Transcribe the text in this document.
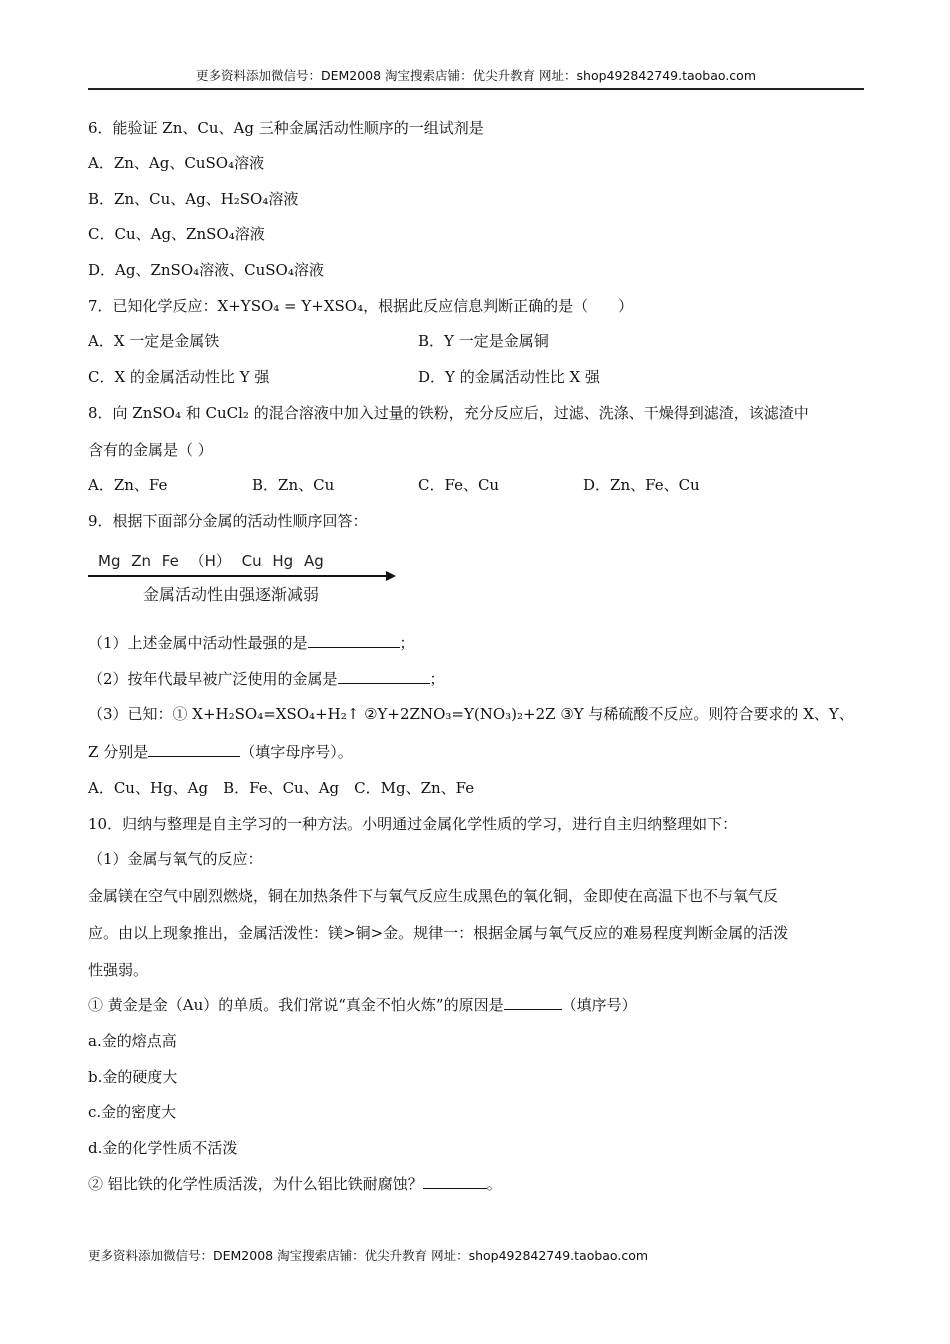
更多资料添加微信号：DEM2008 淘宝搜索店铺：优尖升教育 网址：shop492842749.taobao.com
6．能验证 Zn、Cu、Ag 三种金属活动性顺序的一组试剂是
A．Zn、Ag、CuSO₄溶液
B．Zn、Cu、Ag、H₂SO₄溶液
C．Cu、Ag、ZnSO₄溶液
D．Ag、ZnSO₄溶液、CuSO₄溶液
7．已知化学反应：X+YSO₄ = Y+XSO₄，根据此反应信息判断正确的是（　　）
A．X 一定是金属铁	B．Y 一定是金属铜
C．X 的金属活动性比 Y 强	D．Y 的金属活动性比 X 强
8．向 ZnSO₄ 和 CuCl₂ 的混合溶液中加入过量的铁粉，充分反应后，过滤、洗涤、干燥得到滤渣，该滤渣中
含有的金属是（ ）
A．Zn、Fe	B．Zn、Cu	C．Fe、Cu	D．Zn、Fe、Cu
9．根据下面部分金属的活动性顺序回答：
Mg Zn Fe （H） Cu Hg Ag
金属活动性由强逐渐减弱
（1）上述金属中活动性最强的是	；
（2）按年代最早被广泛使用的金属是	；
（3）已知：① X+H₂SO₄=XSO₄+H₂↑ ②Y+2ZNO₃=Y(NO₃)₂+2Z ③Y 与稀硫酸不反应。则符合要求的 X、Y、
Z 分别是	（填字母序号）。
A．Cu、Hg、Ag　B．Fe、Cu、Ag　C．Mg、Zn、Fe
10．归纳与整理是自主学习的一种方法。小明通过金属化学性质的学习，进行自主归纳整理如下：
（1）金属与氧气的反应：
金属镁在空气中剧烈燃烧，铜在加热条件下与氧气反应生成黑色的氧化铜，金即使在高温下也不与氧气反
应。由以上现象推出，金属活泼性：镁>铜>金。规律一：根据金属与氧气反应的难易程度判断金属的活泼
性强弱。
① 黄金是金（Au）的单质。我们常说“真金不怕火炼”的原因是	（填序号）
a.金的熔点高
b.金的硬度大
c.金的密度大
d.金的化学性质不活泼
② 铝比铁的化学性质活泼，为什么铝比铁耐腐蚀？	。
更多资料添加微信号：DEM2008 淘宝搜索店铺：优尖升教育 网址：shop492842749.taobao.com
